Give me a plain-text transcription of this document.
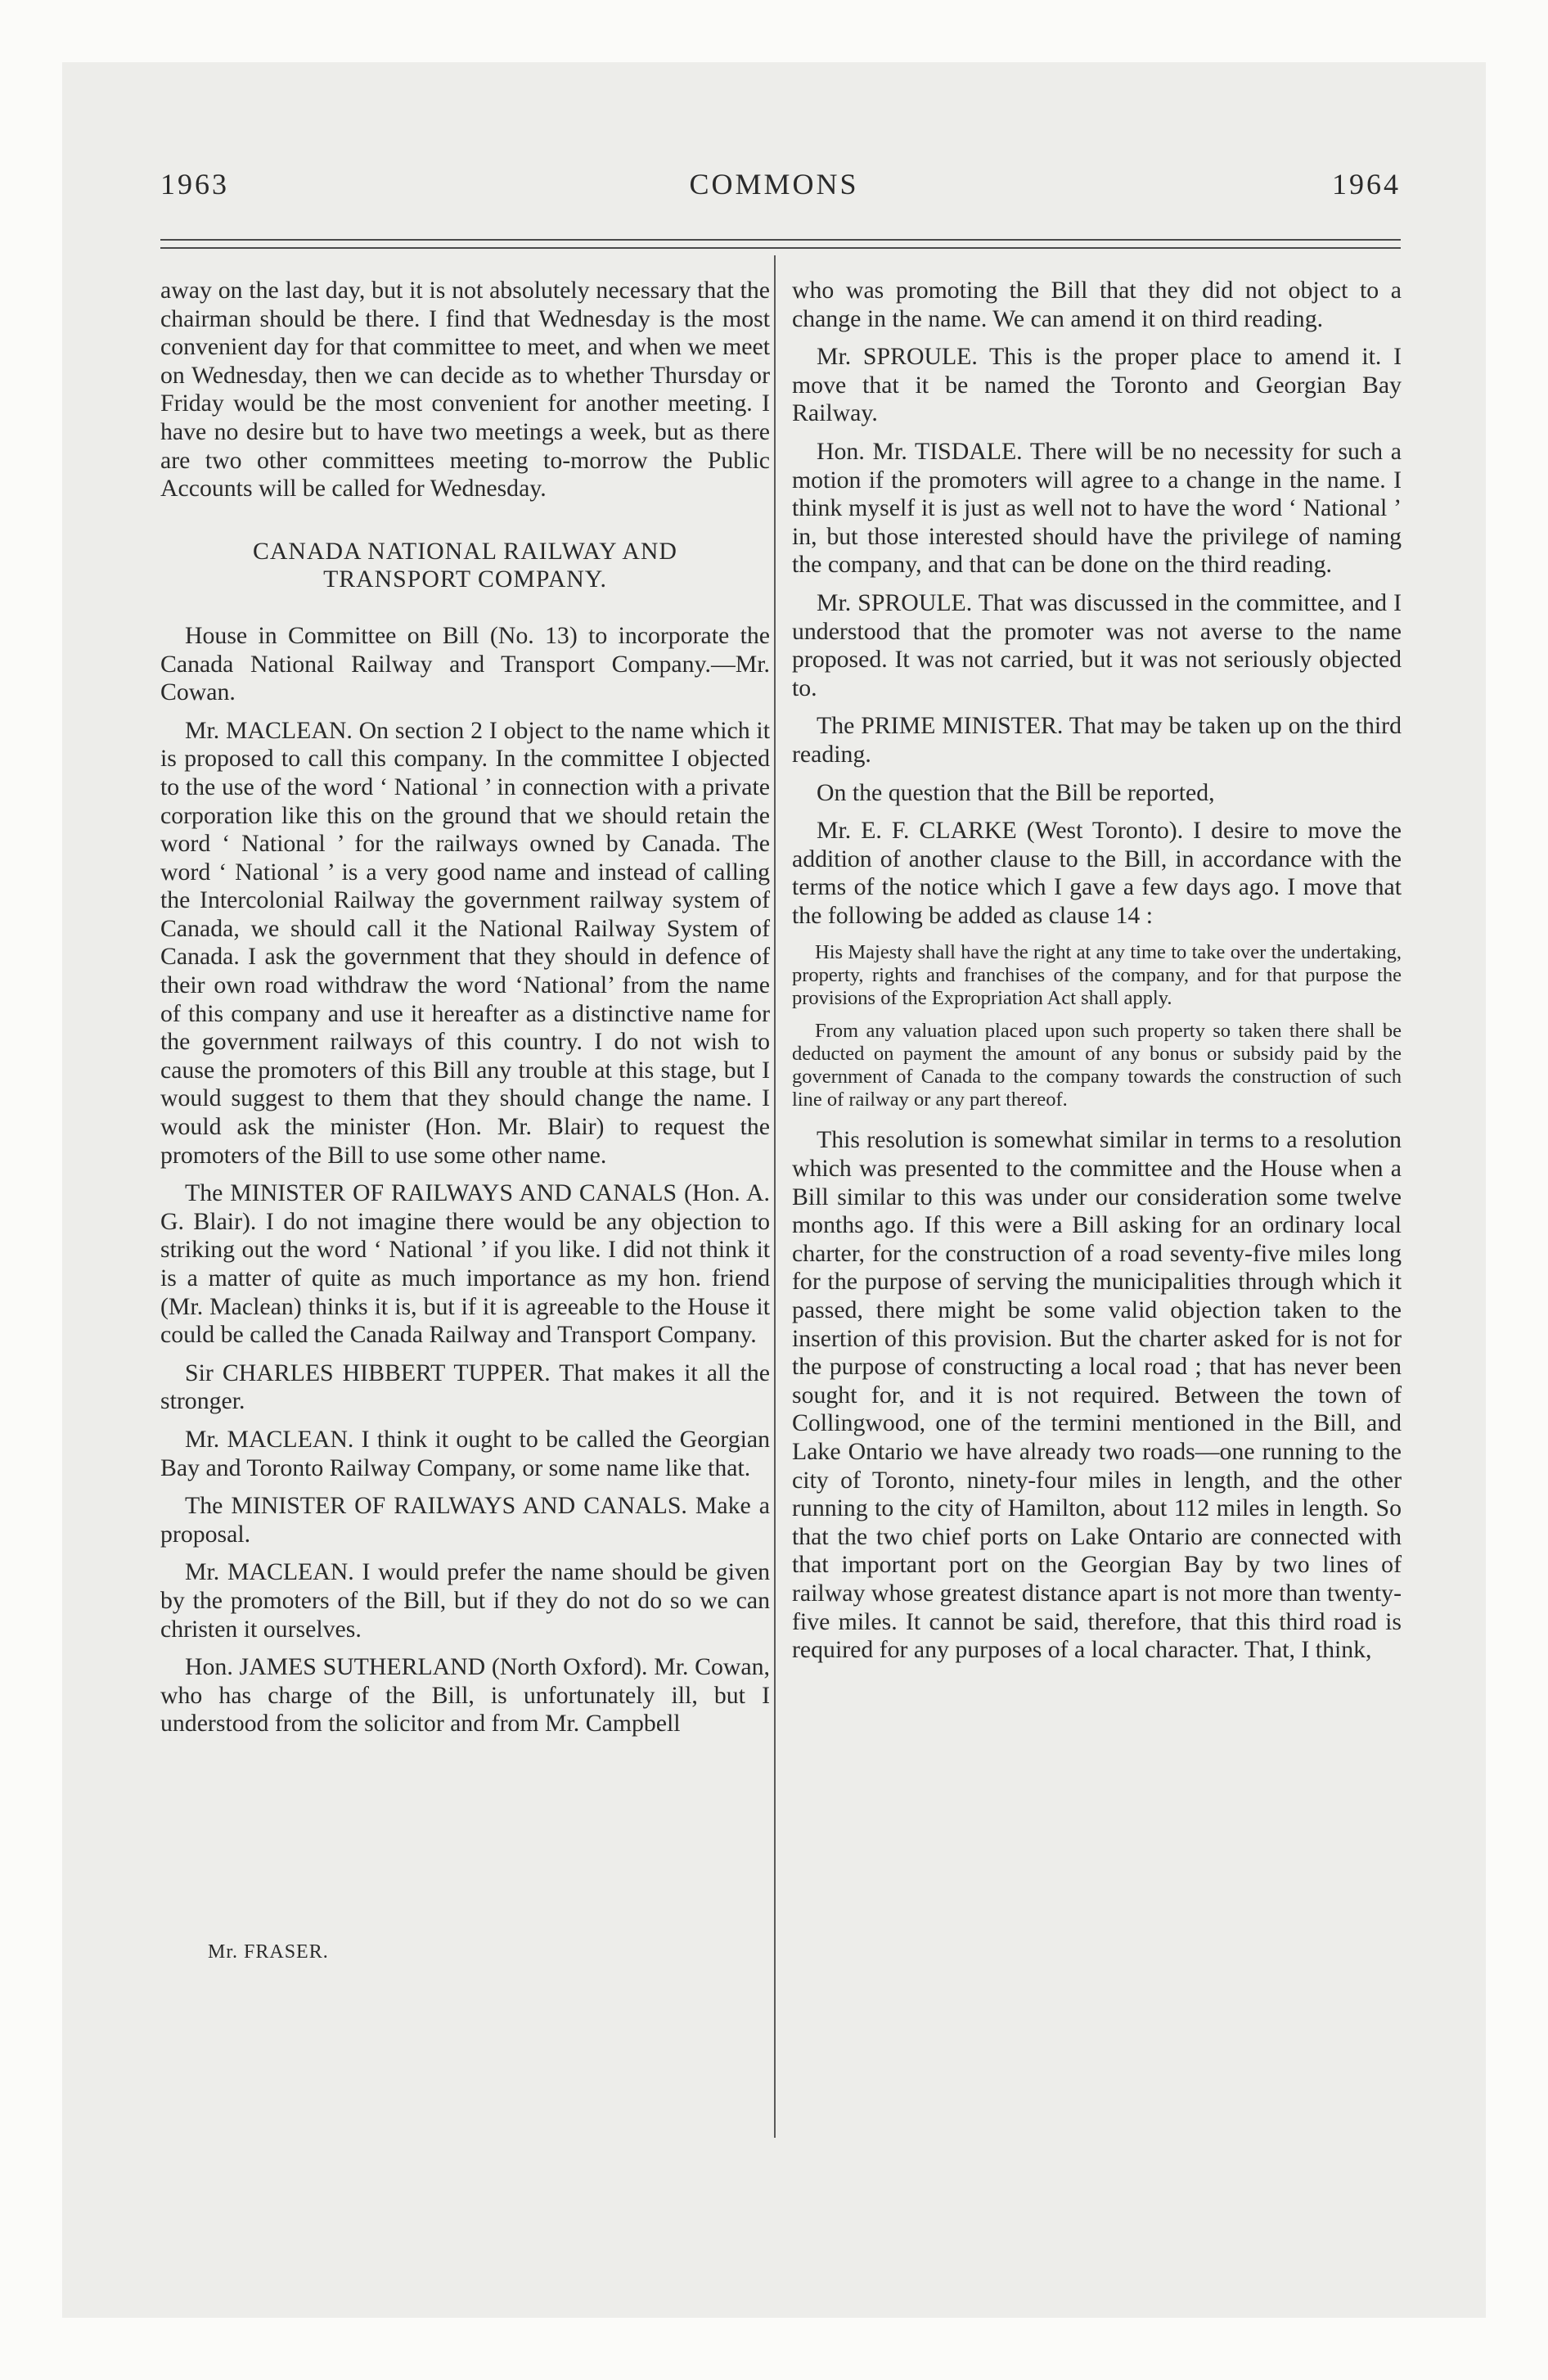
1963	COMMONS	1964

away on the last day, but it is not absolutely necessary that the chairman should be there. I find that Wednesday is the most convenient day for that committee to meet, and when we meet on Wednesday, then we can decide as to whether Thursday or Friday would be the most convenient for another meeting. I have no desire but to have two meetings a week, but as there are two other committees meeting to-morrow the Public Accounts will be called for Wednesday.

CANADA NATIONAL RAILWAY AND
TRANSPORT COMPANY.

House in Committee on Bill (No. 13) to incorporate the Canada National Railway and Transport Company.—Mr. Cowan.

Mr. MACLEAN. On section 2 I object to the name which it is proposed to call this company. In the committee I objected to the use of the word ‘ National ’ in connection with a private corporation like this on the ground that we should retain the word ‘ National ’ for the railways owned by Canada. The word ‘ National ’ is a very good name and instead of calling the Intercolonial Railway the government railway system of Canada, we should call it the National Railway System of Canada. I ask the government that they should in defence of their own road withdraw the word ‘National’ from the name of this company and use it hereafter as a distinctive name for the government railways of this country. I do not wish to cause the promoters of this Bill any trouble at this stage, but I would suggest to them that they should change the name. I would ask the minister (Hon. Mr. Blair) to request the promoters of the Bill to use some other name.

The MINISTER OF RAILWAYS AND CANALS (Hon. A. G. Blair). I do not imagine there would be any objection to striking out the word ‘ National ’ if you like. I did not think it is a matter of quite as much importance as my hon. friend (Mr. Maclean) thinks it is, but if it is agreeable to the House it could be called the Canada Railway and Transport Company.

Sir CHARLES HIBBERT TUPPER. That makes it all the stronger.

Mr. MACLEAN. I think it ought to be called the Georgian Bay and Toronto Railway Company, or some name like that.

The MINISTER OF RAILWAYS AND CANALS. Make a proposal.

Mr. MACLEAN. I would prefer the name should be given by the promoters of the Bill, but if they do not do so we can christen it ourselves.

Hon. JAMES SUTHERLAND (North Oxford). Mr. Cowan, who has charge of the Bill, is unfortunately ill, but I understood from the solicitor and from Mr. Campbell

who was promoting the Bill that they did not object to a change in the name. We can amend it on third reading.

Mr. SPROULE. This is the proper place to amend it. I move that it be named the Toronto and Georgian Bay Railway.

Hon. Mr. TISDALE. There will be no necessity for such a motion if the promoters will agree to a change in the name. I think myself it is just as well not to have the word ‘ National ’ in, but those interested should have the privilege of naming the company, and that can be done on the third reading.

Mr. SPROULE. That was discussed in the committee, and I understood that the promoter was not averse to the name proposed. It was not carried, but it was not seriously objected to.

The PRIME MINISTER. That may be taken up on the third reading.

On the question that the Bill be reported,

Mr. E. F. CLARKE (West Toronto). I desire to move the addition of another clause to the Bill, in accordance with the terms of the notice which I gave a few days ago. I move that the following be added as clause 14 :

His Majesty shall have the right at any time to take over the undertaking, property, rights and franchises of the company, and for that purpose the provisions of the Expropriation Act shall apply.

From any valuation placed upon such property so taken there shall be deducted on payment the amount of any bonus or subsidy paid by the government of Canada to the company towards the construction of such line of railway or any part thereof.

This resolution is somewhat similar in terms to a resolution which was presented to the committee and the House when a Bill similar to this was under our consideration some twelve months ago. If this were a Bill asking for an ordinary local charter, for the construction of a road seventy-five miles long for the purpose of serving the municipalities through which it passed, there might be some valid objection taken to the insertion of this provision. But the charter asked for is not for the purpose of constructing a local road ; that has never been sought for, and it is not required. Between the town of Collingwood, one of the termini mentioned in the Bill, and Lake Ontario we have already two roads—one running to the city of Toronto, ninety-four miles in length, and the other running to the city of Hamilton, about 112 miles in length. So that the two chief ports on Lake Ontario are connected with that important port on the Georgian Bay by two lines of railway whose greatest distance apart is not more than twenty-five miles. It cannot be said, therefore, that this third road is required for any purposes of a local character. That, I think,

Mr. FRASER.
